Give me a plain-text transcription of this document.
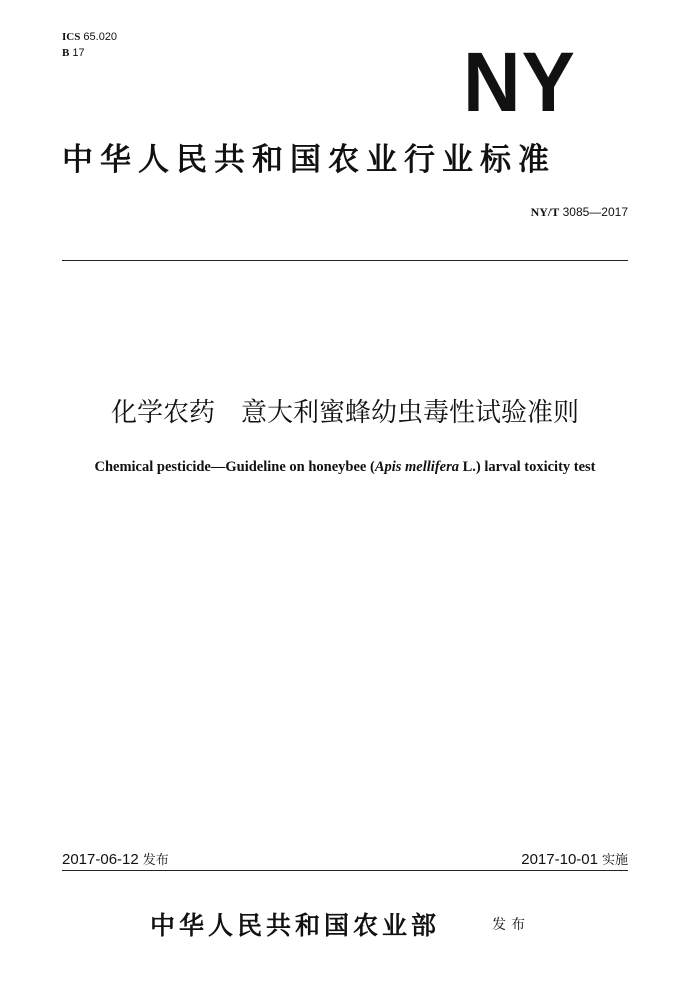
ICS 65.020
B 17	NY
中华人民共和国农业行业标准
NY/T 3085—2017
化学农药 意大利蜜蜂幼虫毒性试验准则
Chemical pesticide—Guideline on honeybee (Apis mellifera L.) larval toxicity test
2017-06-12 发布	2017-10-01 实施
中华人民共和国农业部	发布
